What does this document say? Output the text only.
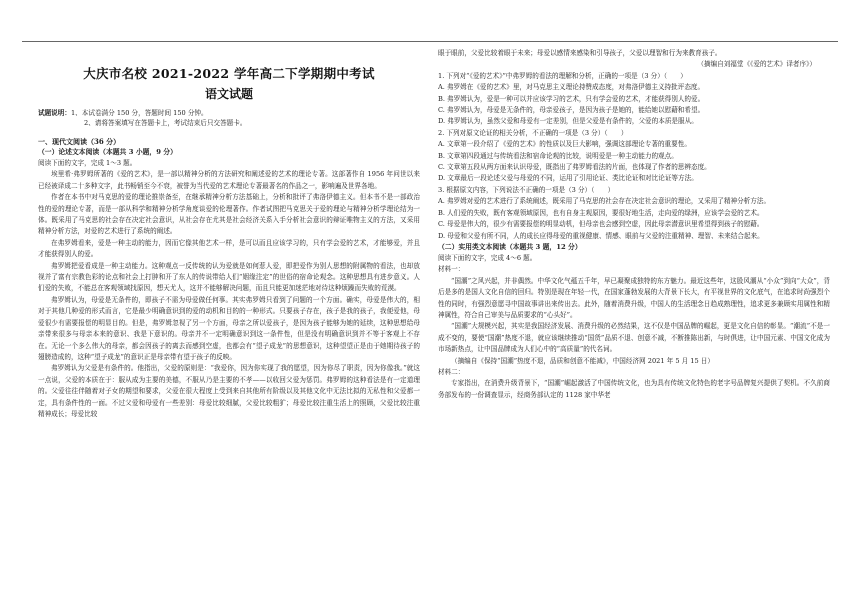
大庆市名校 2021-2022 学年高二下学期期中考试
语文试题
试题说明：1、本试卷满分 150 分，答题时间 150 分钟。
2、请将答案填写在答题卡上，考试结束后只交答题卡。
一、现代文阅读（36 分）
（一）论述文本阅读（本题共 3 小题，9 分）
阅读下面的文字，完成 1～3 题。
埃里希·弗罗姆所著的《爱的艺术》，是一部以精神分析的方法研究和阐述爱的艺术的理论专著。这部著作自 1956 年问世以来已经被译成二十多种文字，此书畅销至今不衰，被誉为当代爱的艺术理论专著最著名的作品之一，影响遍及世界各地。
作者在本书中对马克思的爱的理论推崇备至，在继承精神分析方法基础上，分析和批评了弗洛伊德主义。但本书不是一部政治性的爱的理论专著，而是一部从科学和精神分析学角度谈爱的伦理著作。作者试图把马克思关于爱的理论与精神分析学理论结为一体。既采用了马克思的社会存在决定社会意识，从社会存在尤其是社会经济关系入手分析社会意识的辩证唯物主义的方法，又采用精神分析方法，对爱的艺术进行了系统的阐述。
在弗罗姆看来，爱是一种主动的能力，因而它像其他艺术一样，是可以而且应该学习的，只有学会爱的艺术，才能够爱，并且才能获得别人的爱。
弗罗姆把爱看成是一种主动能力。这种观点一反传统的认为爱就是如何惹人爱，即把爱作为别人思想的附属物的看法，也却放视并了富有宗教色彩的论点和社会上打肿和开了东人的传说带给人们“姻缘注定”的世俗的宿命论观念。这种思想具有进步意义。人们爱的失败，不能总在客观领域找原因，想天尤人，这并不能够解决问题，而且只能更加迷茫地对待这种烦躁而失败的荒漠。
弗罗姆认为，母爱是无条件的，即孩子不需为母爱做任何事。其实弗罗姆只看到了问题的一个方面。确实，母爱是伟大的，相对于其他几种爱的形式而言，它是最少明确意识到的爱的动机和目的的一种形式。只要孩子存在，孩子是我的孩子，我便爱他，母爱很少有需要报偿的明显目的。但是，弗罗姆忽视了另一个方面，母亲之所以爱孩子，是因为孩子能够为她的延续，这种思想给母亲带来很多与母亲本来的意识、我是下意识的。母亲并不一定明确意识到这一条件性，但是没有明确意识到并不等于客观上不存在。无论一个多么伟大的母亲，都会因孩子的离去而感到空虚，也都会有“望子成龙”的思想意识，这种望望正是由于她期待孩子的翅膀造成的，这种“望子成龙”的意识正是母亲带有望于孩子的反映。
弗罗姆认为父爱是有条件的。他指出，父爱的原则是：“我爱你，因为你实现了我的愿望，因为你尽了职责，因为你像我。”就这一点说，父爱的本质在于：服从成为主要的美德，不服从乃是主要的不孝——以收回父爱为惩罚。弗罗姆的这种看法是有一定道理的。父爱往往伴随着对子女的期望和要求，父爱在很大程度上受到来自其他所有阶级以及其他文化中无法比拟的无私性和父爱都一定，具有条件性的一面。不过父爱和母爱有一些差别：母爱比较细腻，父爱比较粗犷；母爱比较注重生活上的照顾，父爱比较注重精神成长；母爱比较
眼于眼前，父爱比较着眼于未来；母爱以感情来感染和引导孩子，父爱以理智和行为来教育孩子。
（摘编自刘福堂《《爱的艺术》译者序》）
1. 下列对“《爱的艺术》”中弗罗姆的看法的理解和分析，正确的一项是（3 分）（　　）
A. 弗罗姆在《爱的艺术》里，对马克思主义理论持赞成态度，对弗洛伊德主义持批评态度。
B. 弗罗姆认为，爱是一种可以并应该学习的艺术，只有学会爱的艺术，才能获得别人的爱。
C. 弗罗姆认为，母爱是无条件的，母亲爱孩子，是因为孩子是她的，能给她以慰藉和希望。
D. 弗罗姆认为，虽然父爱和母爱有一定差别，但是父爱是有条件的，父爱的本质是服从。
2. 下列对原文论证的相关分析，不正确的一项是（3 分）（　　）
A. 文章第一段介绍了《爱的艺术》的性质以及巨大影响，强调这部理论专著的重要性。
B. 文章第四段通过与传统看法和宿命论观的比较，说明爱是一种主动能力的观点。
C. 文章第五段从两方面来认识母爱，既指出了弗罗姆看法的片面，也体现了作者的思辨态度。
D. 文章最后一段论述父爱与母爱的不同，运用了引用论证、类比论证和对比论证等方法。
3. 根据原文内容，下列说法不正确的一项是（3 分）（　　）
A. 弗罗姆对爱的艺术进行了系统阐述，既采用了马克思的社会存在决定社会意识的理论，又采用了精神分析方法。
B. 人们爱的失败，既有客观领域原因，也有自身主观原因，要很好地生活，走向爱的绿洲，应该学会爱的艺术。
C. 母爱是伟大的，很少有需要报偿的明显动机，但母亲也会感到空虚，因此母亲潜意识里希望得到孩子的慰藉。
D. 母爱和父爱有所不同，人的成长应得母爱的重视健康、情感、眼前与父爱的注重精神、理智、未来结合起来。
（二）实用类文本阅读（本题共 3 题，12 分）
阅读下面的文字，完成 4～6 题。
材料一：
“国潮”之风兴起，并非偶然。中华文化气蕴五千年，早已凝聚成独特的东方魅力。最近这些年，这股风潮从“小众”到向“大众”，背后是多的是国人文化自信的回归。特别是现在年轻一代，在国家蓬勃发展的大背景下长大，有平视世界的文化底气，在追求时尚强烈个性的同时，有强烈意愿寻中国故事讲出来传出去。此外，随着消费升级，中国人的生活理念日趋成熟理性，追求更多兼顾实用属性和精神属性，符合自己审美与品质要求的“心头好”。
“国潮”大规模兴起，其实是我国经济发展、消费升级的必然结果，这不仅是中国品牌的崛起，更是文化自信的彰显。“潮流”不是一成不变的，要使“国潮”热度不退，就应该继续推动“国货”品质不退、创意不减，不断推陈出新，与时俱进，让中国元素、中国文化成为市场新热点，让中国品牌成为人们心中的“高质量”的代名词。
（摘编自《保持“国潮”热度不退，品质和创意不能减》，中国经济网 2021 年 5 月 15 日）
材料二：
专家指出，在消费升级背景下，“国潮”崛起激活了中国传统文化，也为具有传统文化特色的老字号品牌复兴提供了契机。不久前商务部发布的一份调查显示，经商务部认定的 1128 家中华老
